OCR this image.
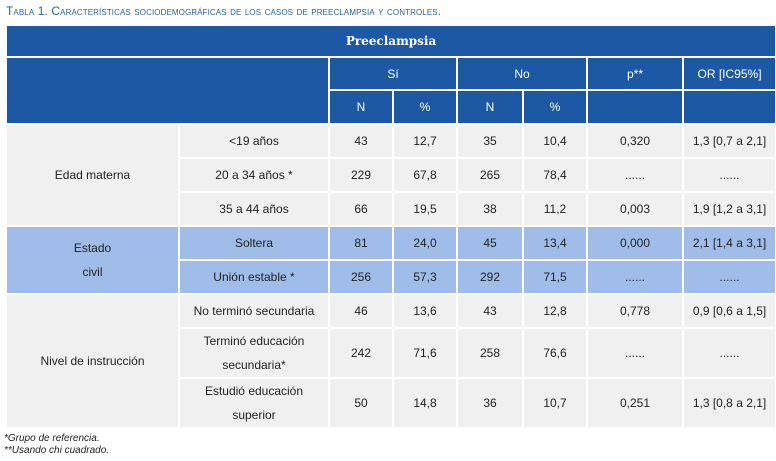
Tabla 1. Características sociodemográficas de los casos de preeclampsia y controles.
Preeclampsia							
		Sí		No		p**	OR [IC95%]
		N	%	N	%		
Edad materna	<19 años	43	12,7	35	10,4	0,320	1,3 [0,7 a 2,1]
	20 a 34 años *	229	67,8	265	78,4	......	......
	35 a 44 años	66	19,5	38	11,2	0,003	1,9 [1,2 a 3,1]
Estado
civil	Soltera	81	24,0	45	13,4	0,000	2,1 [1,4 a 3,1]
	Unión estable *	256	57,3	292	71,5	......	......
Nivel de instrucción	No terminó secundaria	46	13,6	43	12,8	0,778	0,9 [0,6 a 1,5]
	Terminó educación
secundaria*	242	71,6	258	76,6	......	......
	Estudió educación
superior	50	14,8	36	10,7	0,251	1,3 [0,8 a 2,1]
*Grupo de referencia.
**Usando chi cuadrado.
